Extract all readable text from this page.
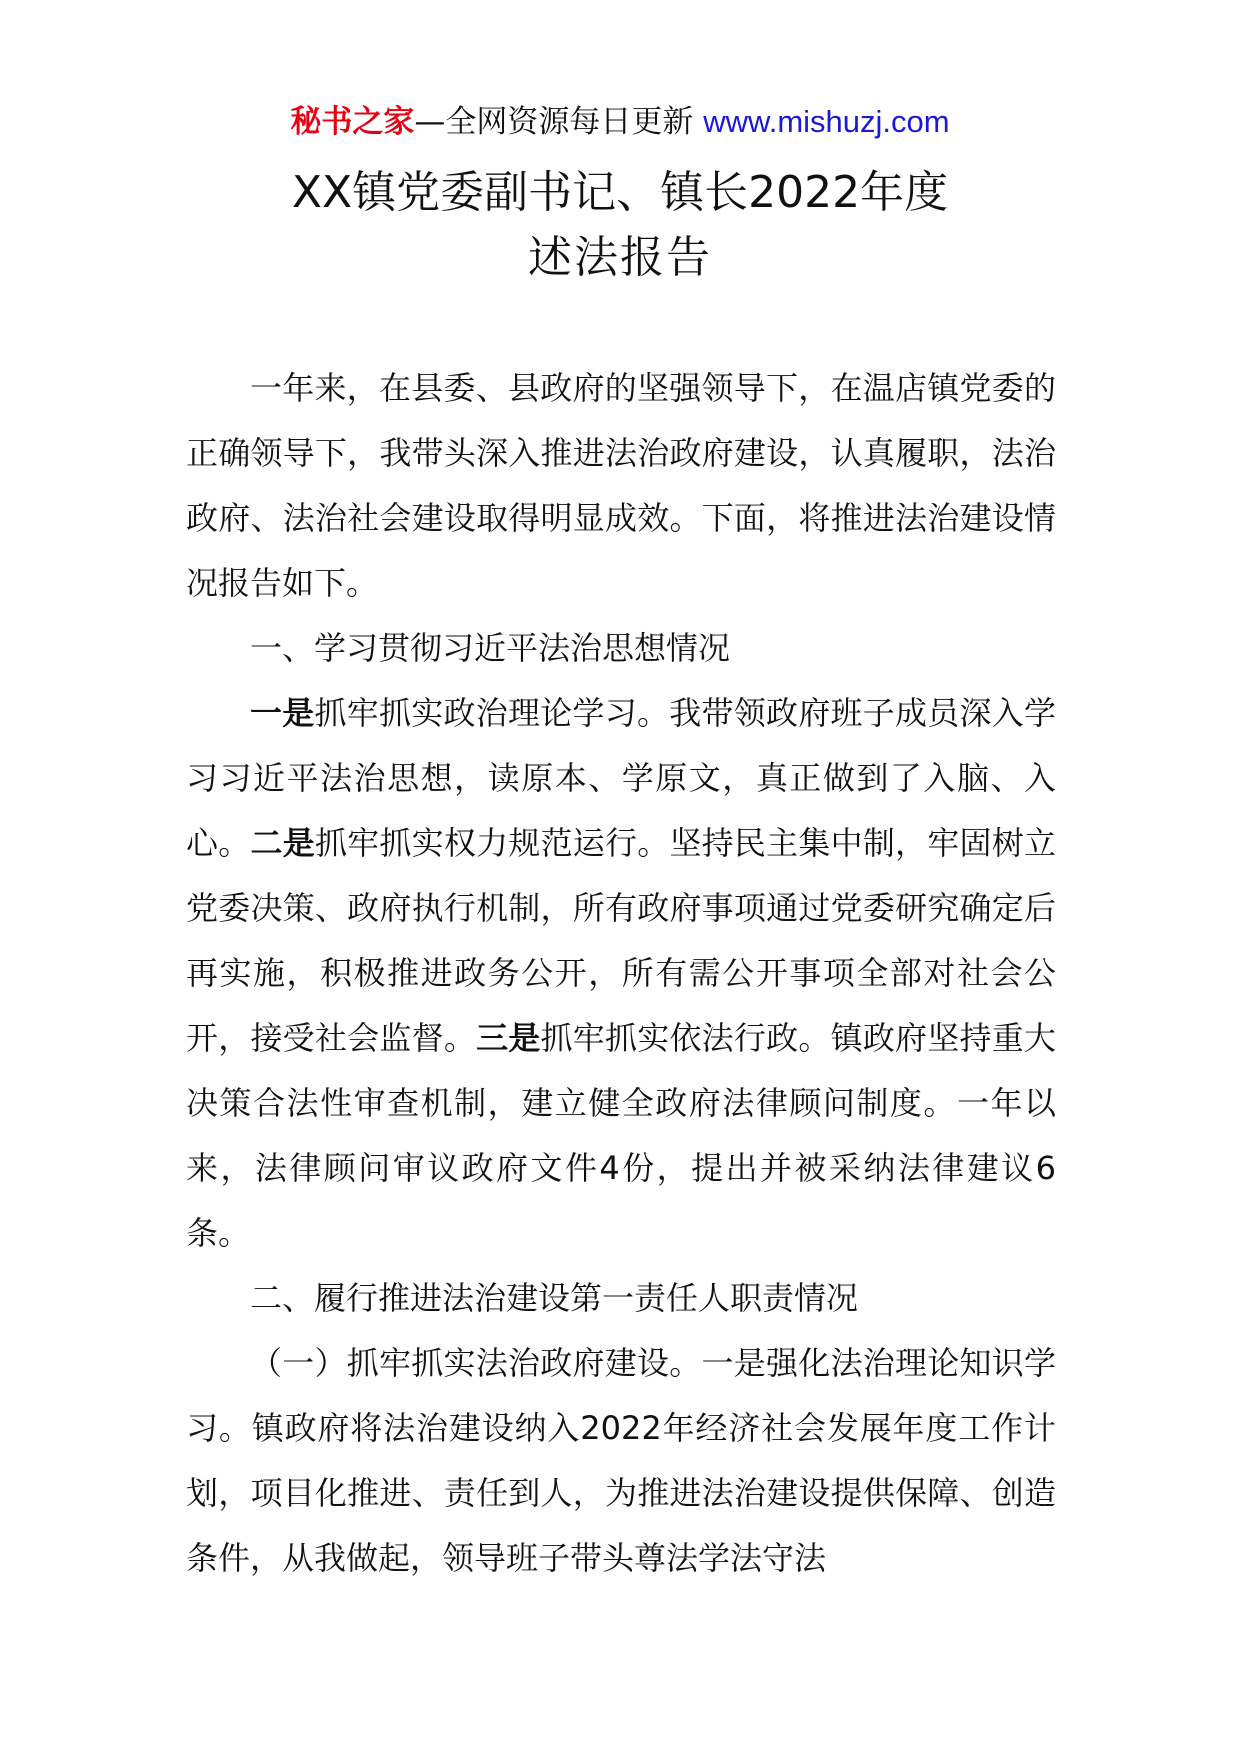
秘书之家—全网资源每日更新 www.mishuzj.com
XX镇党委副书记、镇长2022年度
述法报告

一年来，在县委、县政府的坚强领导下，在温店镇党委的正确领导下，我带头深入推进法治政府建设，认真履职，法治政府、法治社会建设取得明显成效。下面，将推进法治建设情况报告如下。

一、学习贯彻习近平法治思想情况

一是抓牢抓实政治理论学习。我带领政府班子成员深入学习习近平法治思想，读原本、学原文，真正做到了入脑、入心。二是抓牢抓实权力规范运行。坚持民主集中制，牢固树立党委决策、政府执行机制，所有政府事项通过党委研究确定后再实施，积极推进政务公开，所有需公开事项全部对社会公开，接受社会监督。三是抓牢抓实依法行政。镇政府坚持重大决策合法性审查机制，建立健全政府法律顾问制度。一年以来，法律顾问审议政府文件4份，提出并被采纳法律建议6条。

二、履行推进法治建设第一责任人职责情况

（一）抓牢抓实法治政府建设。一是强化法治理论知识学习。镇政府将法治建设纳入2022年经济社会发展年度工作计划，项目化推进、责任到人，为推进法治建设提供保障、创造条件，从我做起，领导班子带头尊法学法守法
